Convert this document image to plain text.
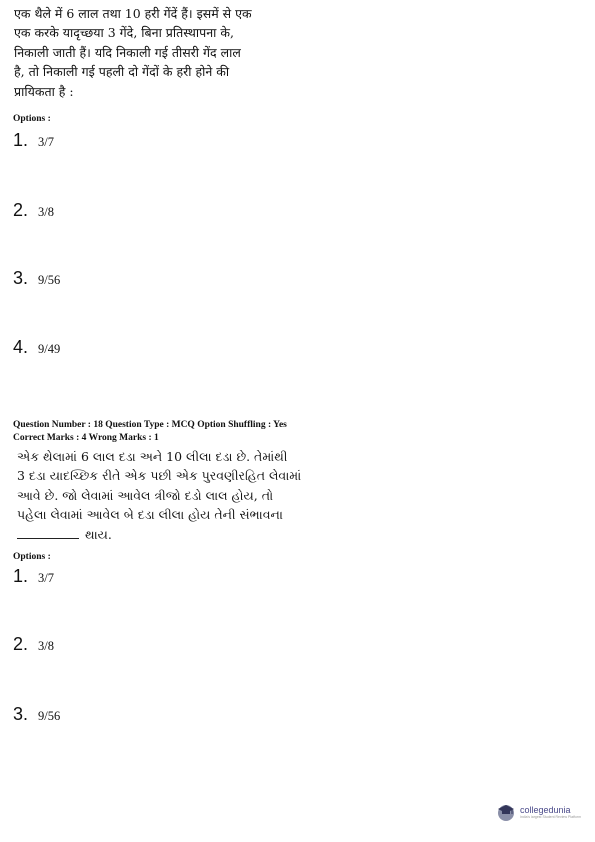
एक थैले में 6 लाल तथा 10 हरी गेंदें हैं। इसमें से एक

एक करके यादृच्छया 3 गेंदे, बिना प्रतिस्थापना के,

निकाली जाती हैं। यदि निकाली गई तीसरी गेंद लाल

है, तो निकाली गई पहली दो गेंदों के हरी होने की

प्रायिकता है :

Options :
1. 3/7
2. 3/8
3. 9/56
4. 9/49
Question Number : 18 Question Type : MCQ Option Shuffling : Yes
Correct Marks : 4 Wrong Marks : 1

એક થેલામાં 6 લાલ દડા અને 10 લીલા દડા છે. તેમાંથી

3 દડા યાદચ્છિક રીતે એક પછી એક પુરવણીરહિત લેવામાં

આવે છે. જો લેવામાં આવેલ ત્રીજો દડો લાલ હોય, તો

પહેલા લેવામાં આવેલ બે દડા લીલા હોય તેની સંભાવના

થાય.

Options :
1. 3/7
2. 3/8
3. 9/56
collegedunia
India's largest Student Review Platform
